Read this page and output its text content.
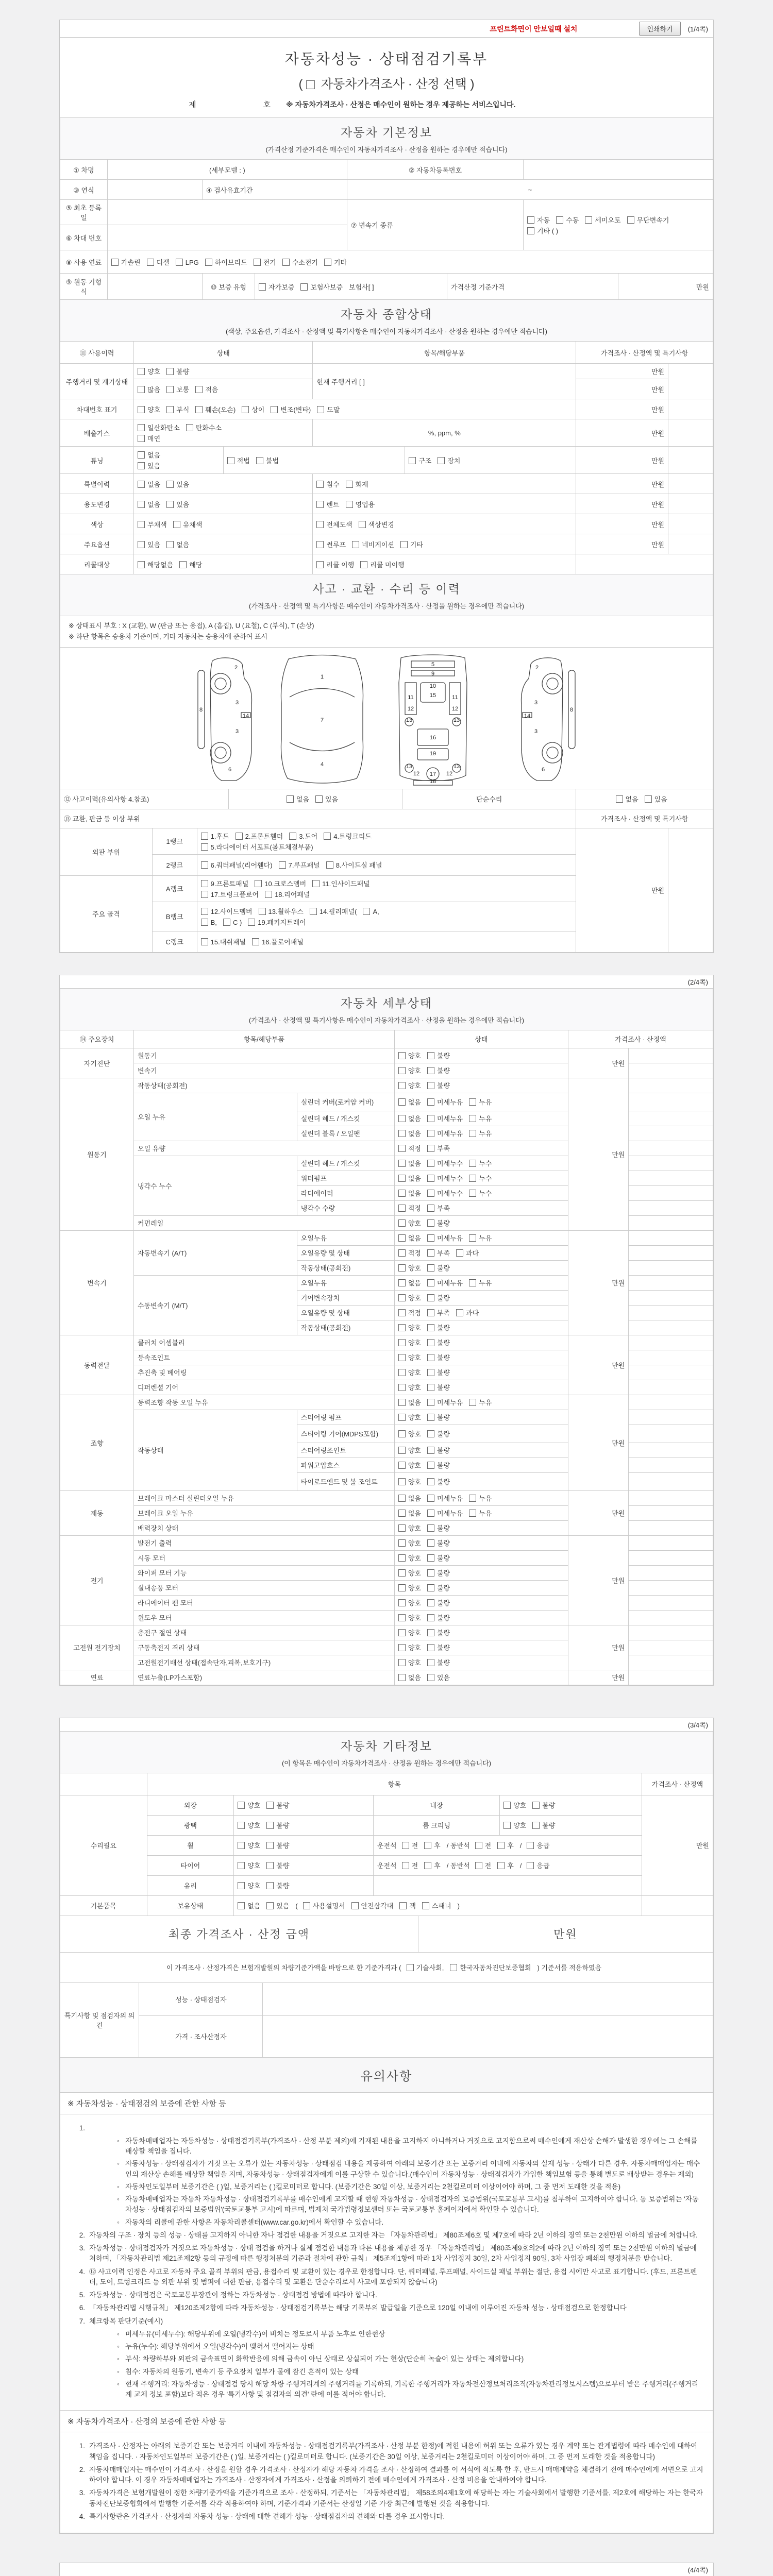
프린트화면이 안보일때 설치	인쇄하기	(1/4쪽)
자동차성능 · 상태점검기록부
(  자동차가격조사 · 산정 선택 )
제	호 ※ 자동차가격조사 · 산정은 매수인이 원하는 경우 제공하는 서비스입니다.
자동차 기본정보
(가격산정 기준가격은 매수인이 자동차가격조사 · 산정을 원하는 경우에만 적습니다)
① 차명	(세부모델 : )			② 자동차등록번호			
③ 연식		④ 검사유효기간		~			
⑤ 최초 등록일				⑦ 변속기 종류		자동 수동 세미오토 무단변속기
기타 ( )	
⑥ 차대 번호							
⑧ 사용 연료	가솔린 디젤 LPG 하이브리드 전기 수소전기 기타						
⑨ 원동 기형식		⑩ 보증 유형	자가보증 보험사보증 보험사[ ]		가격산정 기준가격		만원
자동차 종합상태
(색상, 주요옵션, 가격조사 · 산정액 및 특기사항은 매수인이 자동차가격조사 · 산정을 원하는 경우에만 적습니다)
⑪ 사용이력	상태		항목/해당부품		가격조사 · 산정액 및 특기사항	
주행거리 및 계기상태	양호 불량		현재 주행거리 [ ]		만원	
	많음 보통 적음				만원	
차대번호 표기	양호 부식 훼손(오손) 상이 변조(변타) 도말				만원	
배출가스	일산화탄소 탄화수소
매연		%, ppm, %		만원	
튜닝	없음
있음	적법 불법		구조 장치	만원	
특별이력	없음 있음		침수 화재		만원	
용도변경	없음 있음		렌트 영업용		만원	
색상	무채색 유채색		전체도색 색상변경		만원	
주요옵션	있음 없음		썬루프 네비게이션 기타		만원	
리콜대상	해당없음 해당		리콜 이행 리콜 미이행			
사고 · 교환 · 수리 등 이력
(가격조사 · 산정액 및 특기사항은 매수인이 자동차가격조사 · 산정을 원하는 경우에만 적습니다)
※ 상태표시 부호 : X (교환), W (판금 또는 용접), A (흠집), U (요철), C (부식), T (손상)
※ 하단 항목은 승용차 기준이며, 기타 자동차는 승용차에 준하여 표시
2
3
14
3
6
8
1
7
4
5
9
10
15
11	11
12	12
13	13
16
19
13	13
12 17 12
18
2
3
14
3
6
8
⑫ 사고이력(유의사항 4.참조)	없음 있음	단순수리	없음 있음
⑬ 교환, 판금 등 이상 부위	가격조사 · 산정액 및 특기사항
외판 부위	1랭크	1.후드 2.프론트휀더 3.도어 4.트렁크리드
5.라디에이터 서포트(볼트체결부품)	만원	
	2랭크	6.쿼터패널(리어휀다) 7.루프패널 8.사이드실 패널		
주요 골격	A랭크	9.프론트패널 10.크로스멤버 11.인사이드패널
17.트렁크플로어 18.리어패널		
	B랭크	12.사이드멤버 13.휠하우스 14.필러패널( A,
B, C ) 19.패키지트레이		
	C랭크	15.대쉬패널 16.플로어패널		
(2/4쪽)
자동차 세부상태
(가격조사 · 산정액 및 특기사항은 매수인이 자동차가격조사 · 산정을 원하는 경우에만 적습니다)
⑭ 주요장치	항목/해당부품		상태	가격조사 · 산정액	
자기진단	원동기		양호 불량	만원	
	변속기		양호 불량		
원동기	작동상태(공회전)		양호 불량	만원	
	오일 누유	실린더 커버(로커암 커버)	없음 미세누유 누유		
		실린더 헤드 / 개스킷	없음 미세누유 누유		
		실린더 블록 / 오일팬	없음 미세누유 누유		
	오일 유량		적정 부족		
	냉각수 누수	실린더 헤드 / 개스킷	없음 미세누수 누수		
		워터펌프	없음 미세누수 누수		
		라디에이터	없음 미세누수 누수		
		냉각수 수량	적정 부족		
	커먼레일		양호 불량		
변속기	자동변속기 (A/T)	오일누유	없음 미세누유 누유	만원	
		오일유량 및 상태	적정 부족 과다		
		작동상태(공회전)	양호 불량		
	수동변속기 (M/T)	오일누유	없음 미세누유 누유		
		기어변속장치	양호 불량		
		오일유량 및 상태	적정 부족 과다		
		작동상태(공회전)	양호 불량		
동력전달	클러치 어셈블리		양호 불량	만원	
	등속조인트		양호 불량		
	추진축 및 베어링		양호 불량		
	디퍼렌셜 기어		양호 불량		
조향	동력조향 작동 오일 누유		없음 미세누유 누유	만원	
	작동상태	스티어링 펌프	양호 불량		
		스티어링 기어(MDPS포함)	양호 불량		
		스티어링조인트	양호 불량		
		파워고압호스	양호 불량		
		타이로드엔드 및 볼 조인트	양호 불량		
제동	브레이크 마스터 실린더오일 누유		없음 미세누유 누유	만원	
	브레이크 오일 누유		없음 미세누유 누유		
	배력장치 상태		양호 불량		
전기	발전기 출력		양호 불량	만원	
	시동 모터		양호 불량		
	와이퍼 모터 기능		양호 불량		
	실내송풍 모터		양호 불량		
	라디에이터 팬 모터		양호 불량		
	윈도우 모터		양호 불량		
고전원 전기장치	충전구 절연 상태		양호 불량	만원	
	구동축전지 격리 상태		양호 불량		
	고전원전기배선 상태(접속단자,피복,보호기구)		양호 불량		
연료	연료누출(LP가스포함)		없음 있음	만원	
(3/4쪽)
자동차 기타정보
(이 항목은 매수인이 자동차가격조사 · 산정을 원하는 경우에만 적습니다)
	항목				가격조사 · 산정액
수리필요	외장	양호 불량	내장	양호 불량	만원
	광택	양호 불량	룸 크리닝	양호 불량	
	휠	양호 불량	운전석 전 후 / 동반석 전 후 / 응급		
	타이어	양호 불량	운전석 전 후 / 동반석 전 후 / 응급		
	유리	양호 불량			
기본품목	보유상태	없음 있음 ( 사용설명서 안전삼각대 잭 스패너 )			
최종 가격조사 · 산정 금액	만원
이 가격조사 · 산정가격은 보험개발원의 차량기준가액을 바탕으로 한 기준가격과 ( 기술사회, 한국자동차진단보증협회 ) 기준서를 적용하였음
특기사항 및 점검자의 의견	성능 · 상태점검자	
	가격 · 조사산정자	
유의사항
※ 자동차성능 · 상태점검의 보증에 관한 사항 등
1.
◦ 자동차매매업자는 자동차성능 · 상태점검기록부(가격조사 · 산정 부분 제외)에 기재된 내용을 고지하지 아니하거나 거짓으로 고지함으로써 매수인에게 재산상 손해가 발생한 경우에는 그 손해를 배상할 책임을 집니다.
◦ 자동차성능 · 상태점검자가 거짓 또는 오류가 있는 자동차성능 · 상태점검 내용을 제공하여 아래의 보증기간 또는 보증거리 이내에 자동차의 실제 성능 · 상태가 다른 경우, 자동차매매업자는 매수인의 재산상 손해를 배상할 책임을 지며, 자동차성능 · 상태점검자에게 이를 구상할 수 있습니다.(매수인이 자동차성능 · 상태점검자가 가입한 책임보험 등을 통해 별도로 배상받는 경우는 제외)
◦ 자동차인도일부터 보증기간은 ( )일, 보증거리는 ( )킬로미터로 합니다. (보증기간은 30일 이상, 보증거리는 2천킬로미터 이상이어야 하며, 그 중 먼저 도래한 것을 적용)
◦ 자동차매매업자는 자동차 자동차성능 · 상태점검기록부를 매수인에게 고지할 때 현행 자동차성능 · 상태점검자의 보증범위(국토교통부 고시)를 첨부하여 고지하여야 합니다. 동 보증범위는 '자동차성능 · 상태점검자의 보증범위'(국토교통부 고시)에 따르며, 법제처 국가법령정보센터 또는 국토교통부 홈페이지에서 확인할 수 있습니다.
◦ 자동차의 리콜에 관한 사항은 자동차리콜센터(www.car.go.kr)에서 확인할 수 있습니다.
2. 자동차의 구조 · 장치 등의 성능 · 상태를 고지하지 아니한 자나 점검한 내용을 거짓으로 고지한 자는 「자동차관리법」 제80조제6호 및 제7호에 따라 2년 이하의 징역 또는 2천만원 이하의 벌금에 처합니다.
3. 자동차성능 · 상태점검자가 거짓으로 자동차성능 · 상태 점검을 하거나 실제 점검한 내용과 다른 내용을 제공한 경우 「자동차관리법」 제80조제9호의2에 따라 2년 이하의 징역 또는 2천만원 이하의 벌금에 처하며, 「자동차관리법 제21조제2항 등의 규정에 따른 행정처분의 기준과 절차에 관한 규칙」 제5조제1항에 따라 1차 사업정지 30일, 2차 사업정지 90일, 3차 사업장 폐쇄의 행정처분을 받습니다.
4. ⑫ 사고이력 인정은 사고로 자동차 주요 골격 부위의 판금, 용접수리 및 교환이 있는 경우로 한정합니다. 단, 쿼터패널, 루프패널, 사이드실 패널 부위는 절단, 용접 시에만 사고로 표기합니다. (후드, 프론트펜더, 도어, 트렁크리드 등 외판 부위 및 범퍼에 대한 판금, 용접수리 및 교환은 단순수리로서 사고에 포함되지 않습니다)
5. 자동차성능 · 상태점검은 국토교통부장관이 정하는 자동차성능 · 상태점검 방법에 따라야 합니다.
6. 「자동차관리법 시행규칙」 제120조제2항에 따라 자동차성능 · 상태점검기록부는 해당 기록부의 발급일을 기준으로 120일 이내에 이루어진 자동차 성능 · 상태점검으로 한정합니다
7. 체크항목 판단기준(예시)
◦ 미세누유(미세누수): 해당부위에 오일(냉각수)이 비치는 정도로서 부품 노후로 인한현상
◦ 누유(누수): 해당부위에서 오일(냉각수)이 맺혀서 떨어지는 상태
◦ 부식: 차량하부와 외판의 금속표면이 화학반응에 의해 금속이 아닌 상태로 상실되어 가는 현상(단순히 녹슬어 있는 상태는 제외합니다)
◦ 침수: 자동차의 원동기, 변속기 등 주요장치 일부가 물에 잠긴 흔적이 있는 상태
◦ 현재 주행거리: 자동차성능 · 상태점검 당시 해당 차량 주행거리계의 주행거리를 기록하되, 기록한 주행거리가 자동차전산정보처리조직(자동차관리정보시스템)으로부터 받은 주행거리(주행거리계 교체 정보 포함)보다 적은 경우 '특기사항 및 점검자의 의견' 란에 이를 적어야 합니다.
※ 자동차가격조사 · 산정의 보증에 관한 사항 등
1. 가격조사 · 산정자는 아래의 보증기간 또는 보증거리 이내에 자동차성능 · 상태점검기록부(가격조사 · 산정 부분 한정)에 적힌 내용에 허위 또는 오류가 있는 경우 계약 또는 관계법령에 따라 매수인에 대하여 책임을 집니다. · 자동차인도일부터 보증기간은 ( )일, 보증거리는 ( )킬로미터로 합니다. (보증기간은 30일 이상, 보증거리는 2천킬로미터 이상이어야 하며, 그 중 먼저 도래한 것을 적용합니다)
2. 자동차매매업자는 매수인이 가격조사 · 산정을 원할 경우 가격조사 · 산정자가 해당 자동차 가격을 조사 · 산정하여 결과를 이 서식에 적도록 한 후, 반드시 매매계약을 체결하기 전에 매수인에게 서면으로 고지하여야 합니다. 이 경우 자동차매매업자는 가격조사 · 산정자에게 가격조사 · 산정을 의뢰하기 전에 매수인에게 가격조사 · 산정 비용을 안내하여야 합니다.
3. 자동차가격은 보험개발원이 정한 차량기준가액을 기준가격으로 조사 · 산정하되, 기준서는 「자동차관리법」 제58조의4제1호에 해당하는 자는 기술사회에서 발행한 기준서를, 제2호에 해당하는 자는 한국자동차진단보증협회에서 발행한 기준서를 각각 적용하여야 하며, 기준가격과 기준서는 산정일 기준 가장 최근에 발행된 것을 적용합니다.
4. 특기사항란은 가격조사 · 산정자의 자동차 성능 · 상태에 대한 견해가 성능 · 상태점검자의 견해와 다를 경우 표시합니다.
(4/4쪽)
